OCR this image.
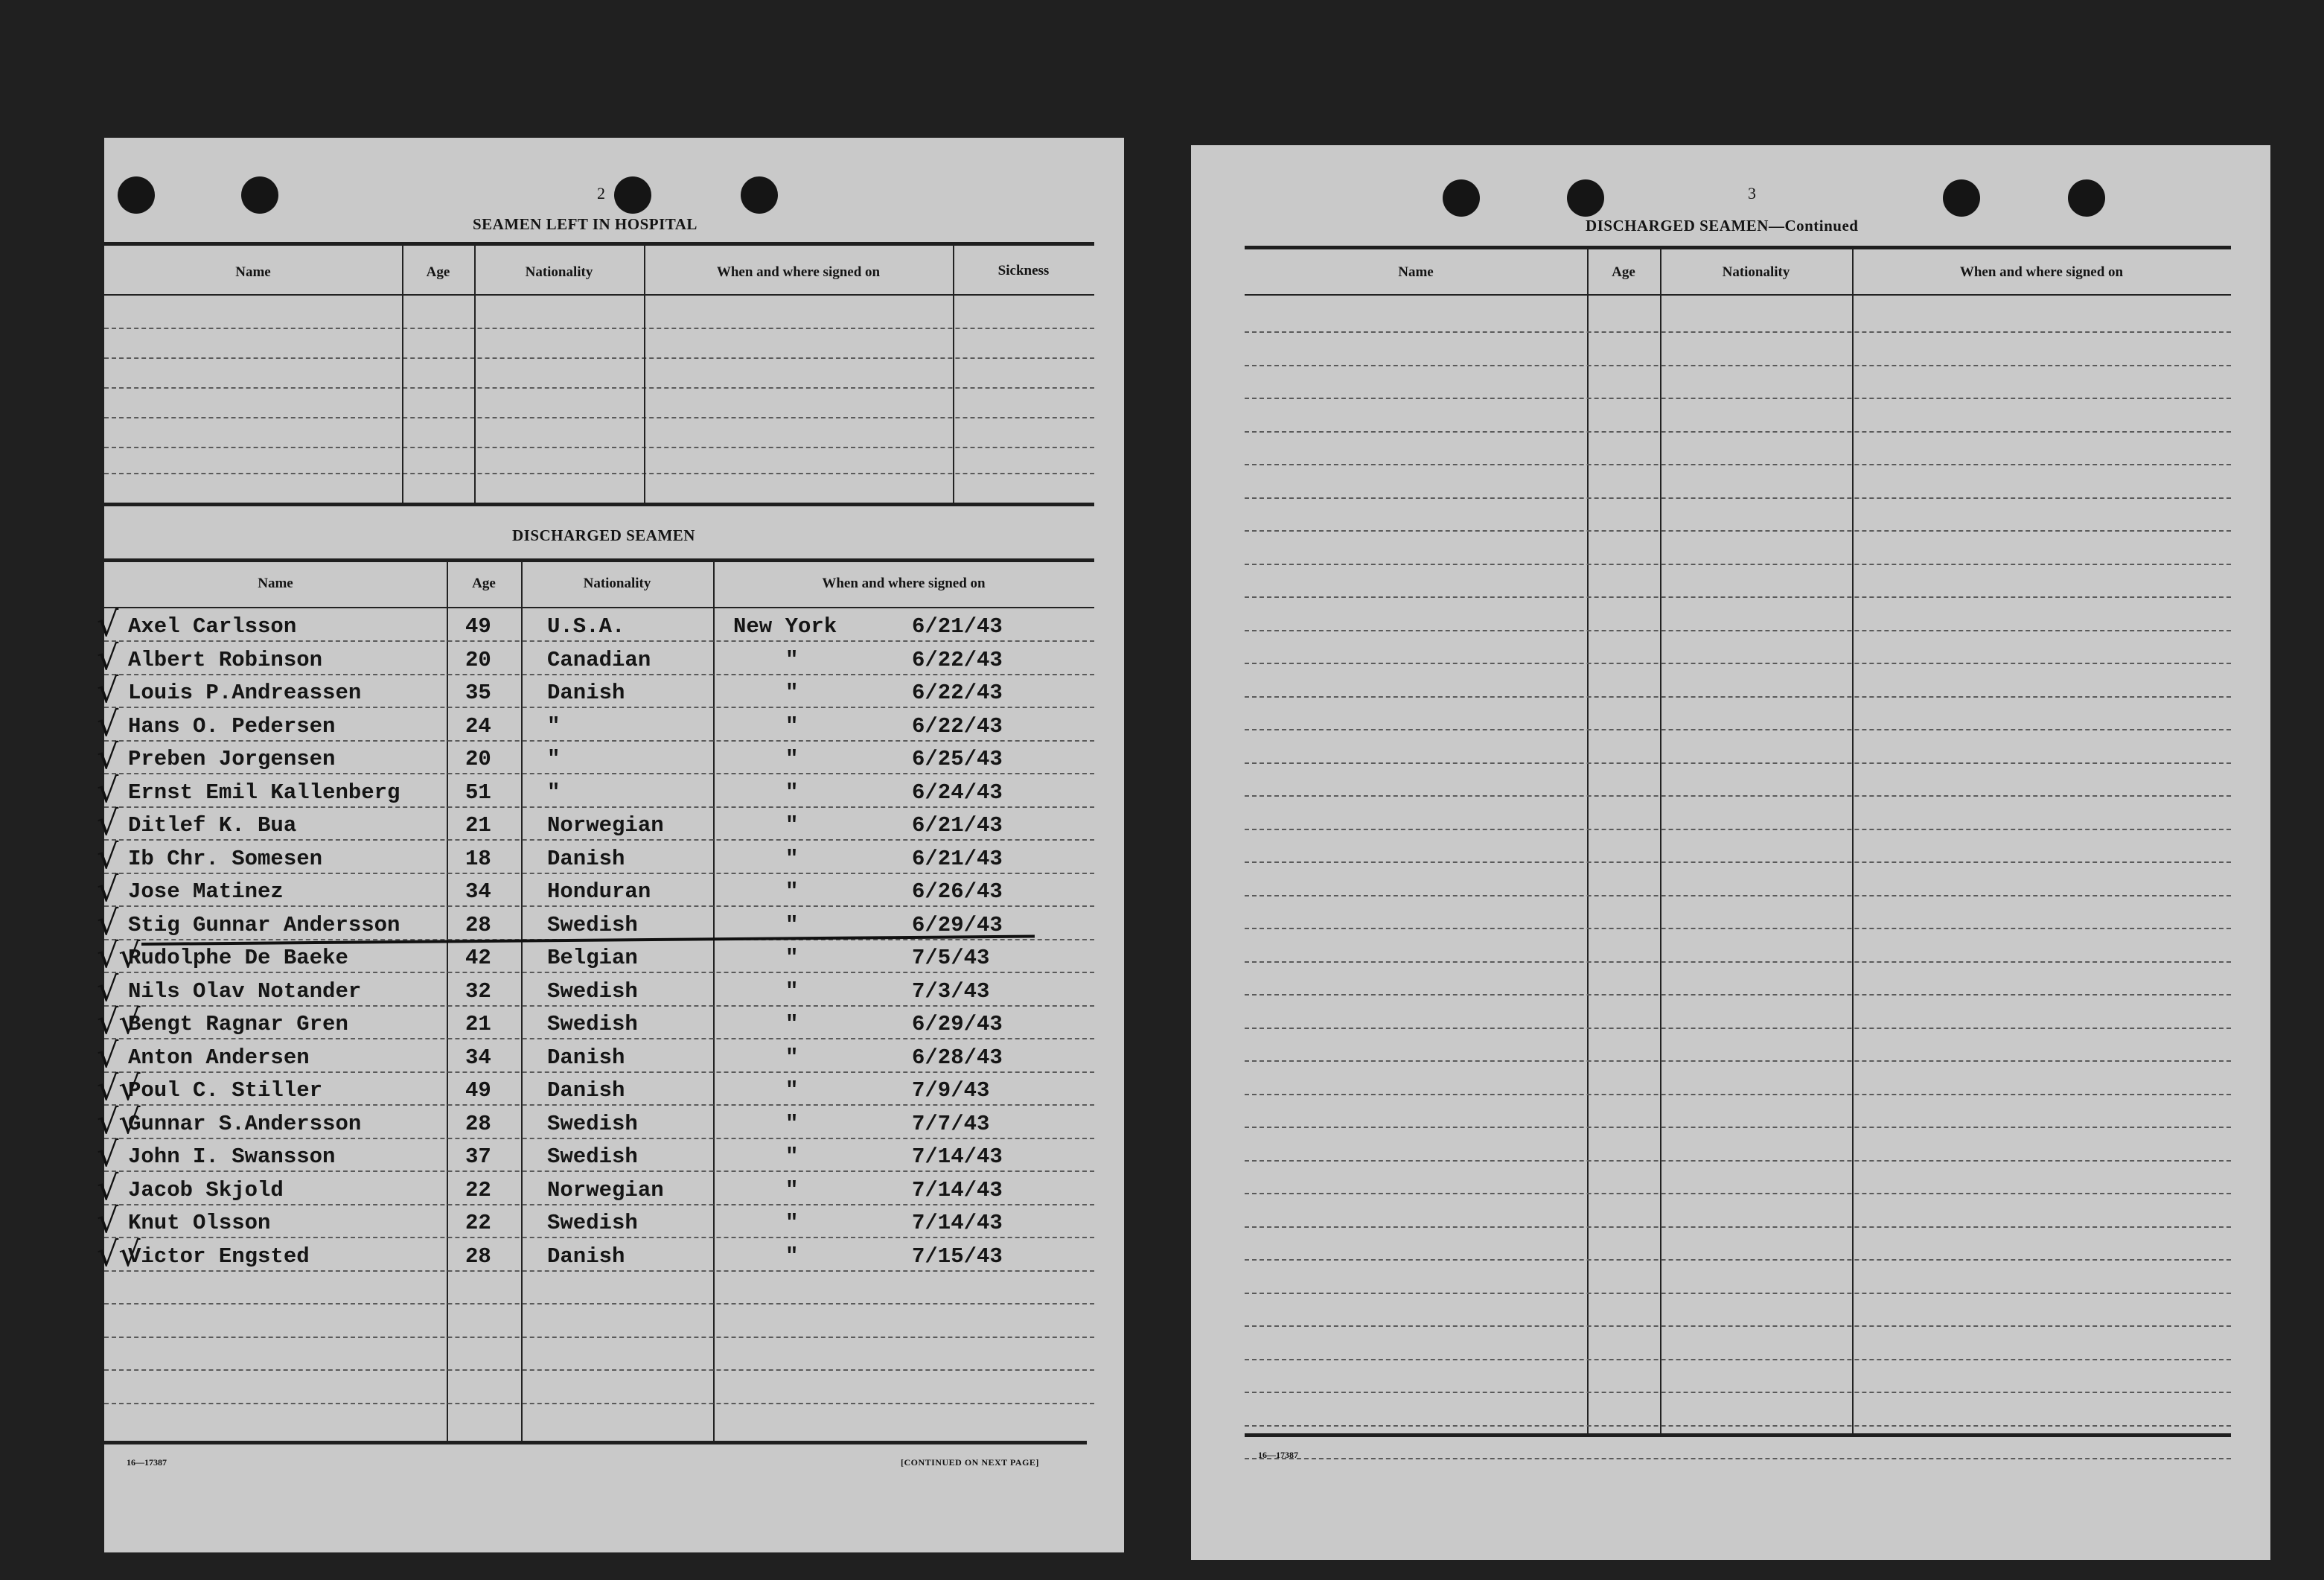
2
SEAMEN LEFT IN HOSPITAL
Name	Age	Nationality	When and where signed on	Sickness
DISCHARGED SEAMEN
Name	Age	Nationality	When and where signed on
√ Axel Carlsson	49	U.S.A.	New York	6/21/43
√ Albert Robinson	20	Canadian	"	6/22/43
√ Louis P.Andreassen	35	Danish	"	6/22/43
√ Hans O. Pedersen	24	"	"	6/22/43
√ Preben Jorgensen	20	"	"	6/25/43
√ Ernst Emil Kallenberg	51	"	"	6/24/43
√ Ditlef K. Bua	21	Norwegian	"	6/21/43
√ Ib Chr. Somesen	18	Danish	"	6/21/43
√ Jose Matinez	34	Honduran	"	6/26/43
√ Stig Gunnar Andersson	28	Swedish	"	6/29/43
√√
Rudolphe De Baeke	42	Belgian	"	7/5/43
√ Nils Olav Notander	32	Swedish	"	7/3/43
√√
Bengt Ragnar Gren	21	Swedish	"	6/29/43
√ Anton Andersen	34	Danish	"	6/28/43
√√
Poul C. Stiller	49	Danish	"	7/9/43
√√
Gunnar S.Andersson	28	Swedish	"	7/7/43
√ John I. Swansson	37	Swedish	"	7/14/43
√ Jacob Skjold	22	Norwegian	"	7/14/43
√ Knut Olsson	22	Swedish	"	7/14/43
√√
Victor Engsted	28	Danish	"	7/15/43
16—17387	[CONTINUED ON NEXT PAGE]
3
DISCHARGED SEAMEN—Continued
Name	Age	Nationality	When and where signed on
16—17387
